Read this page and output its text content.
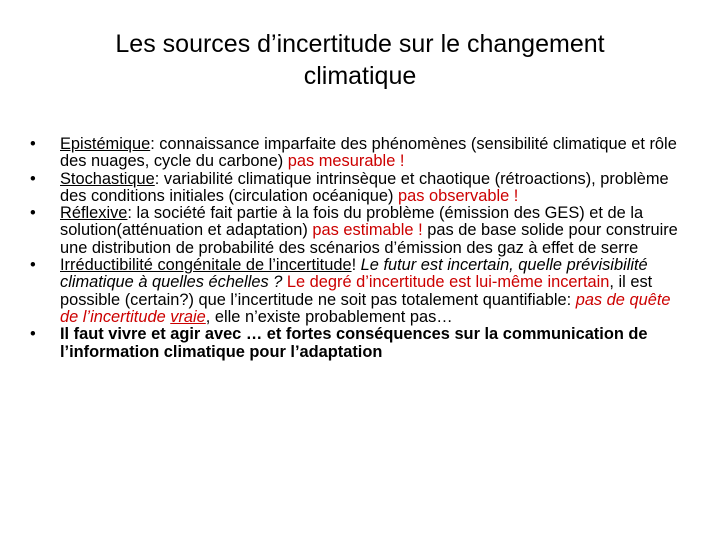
Les sources d’incertitude sur le changement
climatique
• Epistémique: connaissance imparfaite des phénomènes (sensibilité climatique et rôle des nuages, cycle du carbone) pas mesurable !
• Stochastique: variabilité climatique intrinsèque et chaotique (rétroactions), problème des conditions initiales (circulation océanique) pas observable !
• Réflexive: la société fait partie à la fois du problème (émission des GES) et de la solution(atténuation et adaptation) pas estimable ! pas de base solide pour construire une distribution de probabilité des scénarios d’émission des gaz à effet de serre
• Irréductibilité congénitale de l’incertitude! Le futur est incertain, quelle prévisibilité climatique à quelles échelles ? Le degré d’incertitude est lui-même incertain, il est possible (certain?) que l’incertitude ne soit pas totalement quantifiable: pas de quête de l’incertitude vraie, elle n’existe probablement pas…
• Il faut vivre et agir avec … et fortes conséquences sur la communication de l’information climatique pour l’adaptation
